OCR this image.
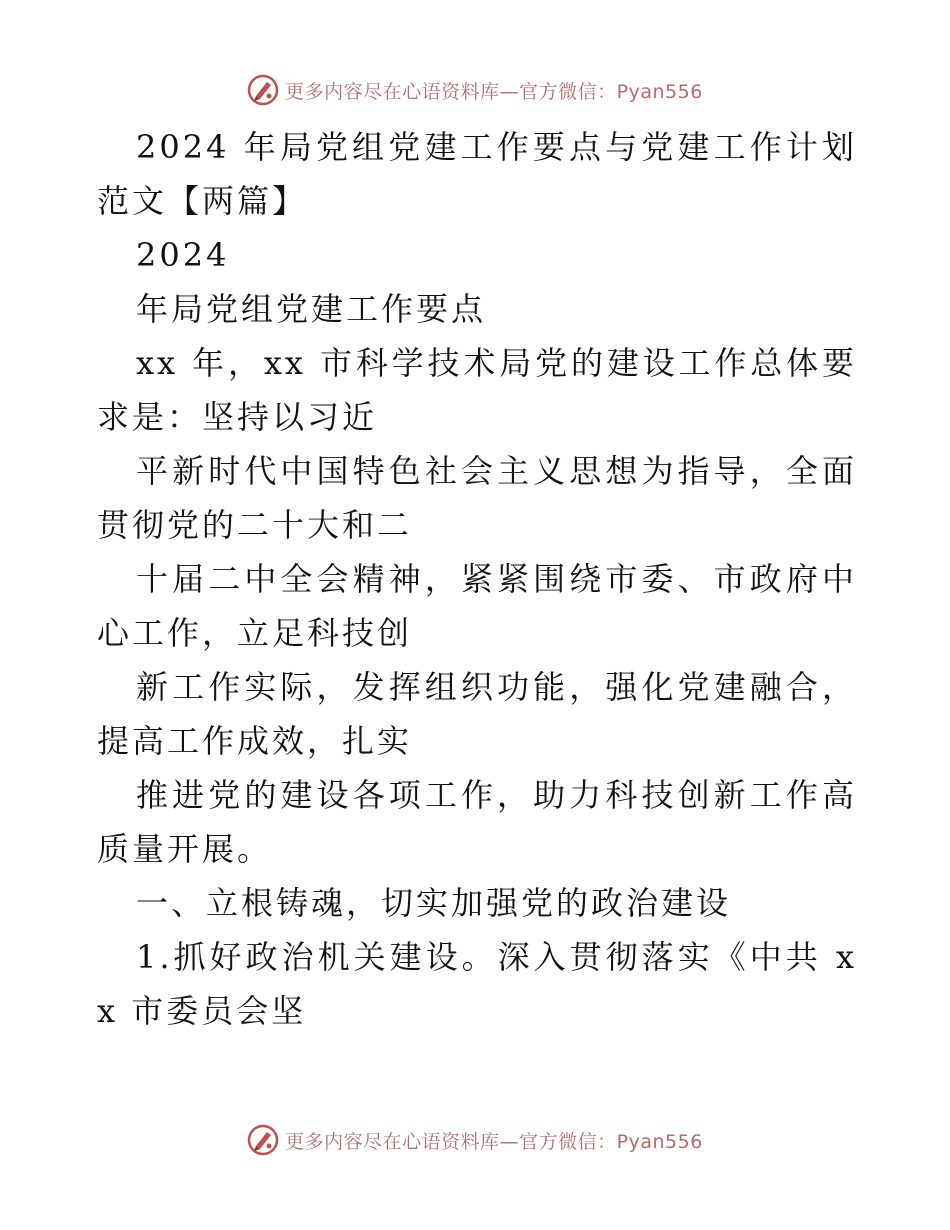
更多内容尽在心语资料库—官方微信：Pyan556

2024 年局党组党建工作要点与党建工作计划范文【两篇】

2024

年局党组党建工作要点

xx 年，xx 市科学技术局党的建设工作总体要求是：坚持以习近

平新时代中国特色社会主义思想为指导，全面贯彻党的二十大和二

十届二中全会精神，紧紧围绕市委、市政府中心工作，立足科技创

新工作实际，发挥组织功能，强化党建融合，提高工作成效，扎实

推进党的建设各项工作，助力科技创新工作高质量开展。

一、立根铸魂，切实加强党的政治建设

1.抓好政治机关建设。深入贯彻落实《中共 xx 市委员会坚

更多内容尽在心语资料库—官方微信：Pyan556
